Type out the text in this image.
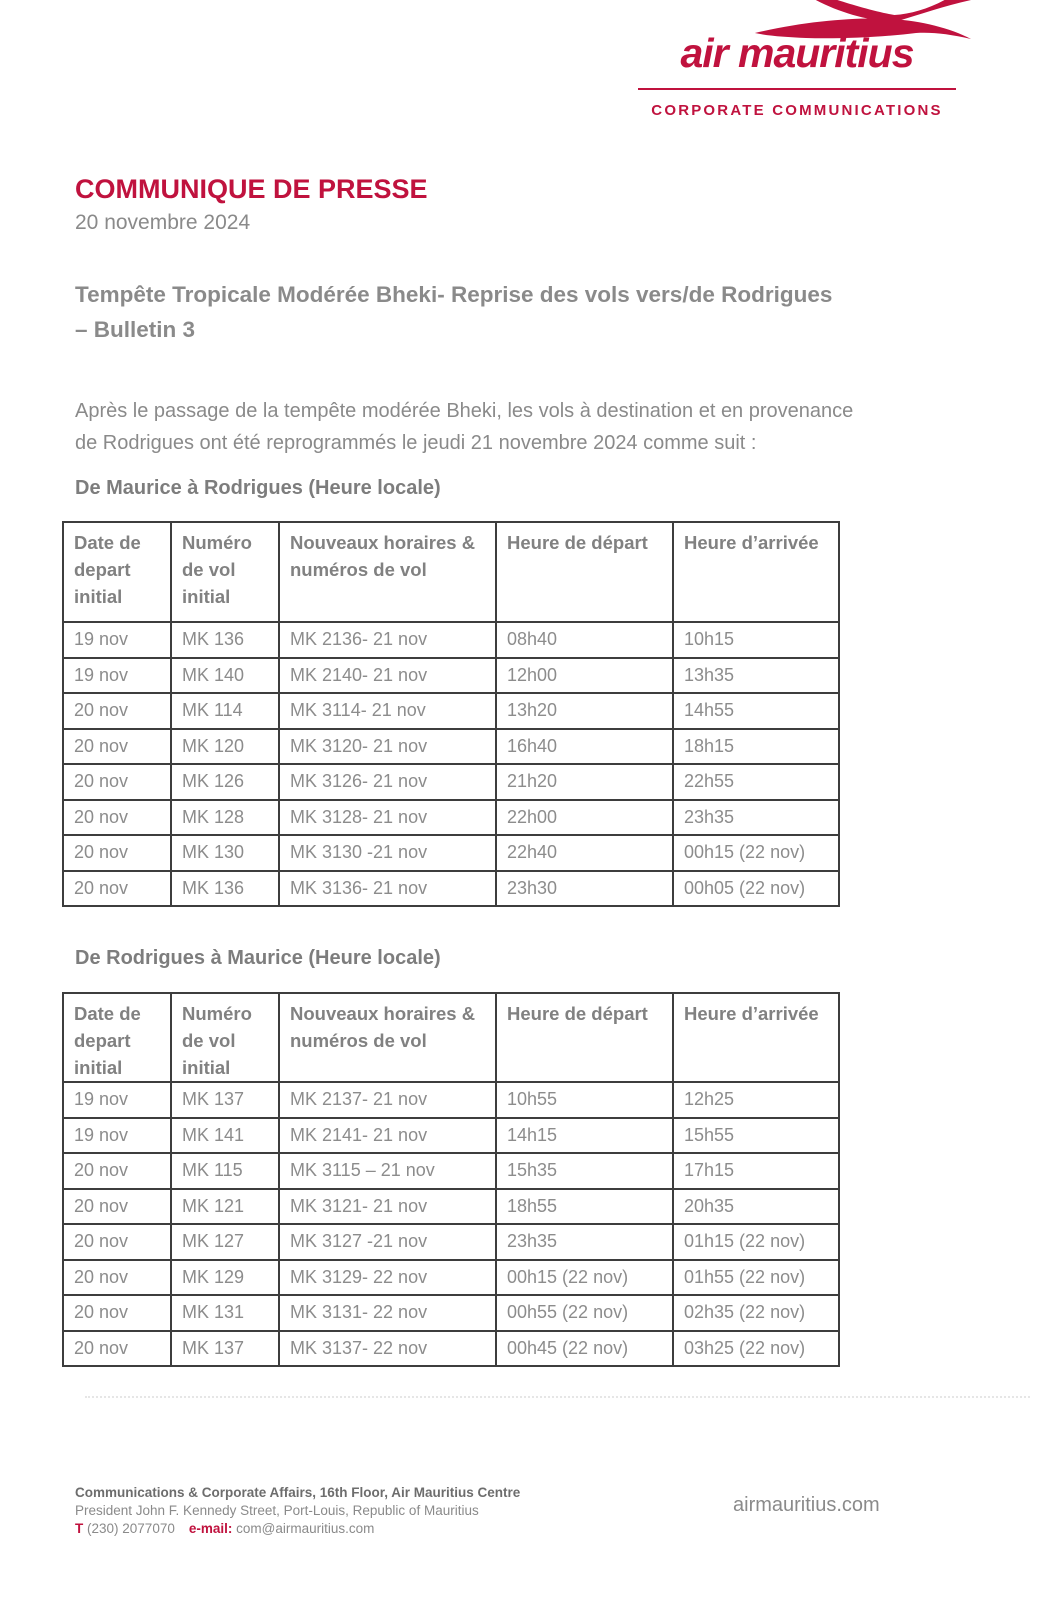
air mauritius
CORPORATE COMMUNICATIONS
COMMUNIQUE DE PRESSE
20 novembre 2024
Tempête Tropicale Modérée Bheki- Reprise des vols vers/de Rodrigues
– Bulletin 3
Après le passage de la tempête modérée Bheki, les vols à destination et en provenance
de Rodrigues ont été reprogrammés le jeudi 21 novembre 2024 comme suit :
De Maurice à Rodrigues (Heure locale)
Date de depart initial	Numéro de vol initial	Nouveaux horaires & numéros de vol	Heure de départ	Heure d’arrivée
19 nov	MK 136	MK 2136- 21 nov	08h40	10h15
19 nov	MK 140	MK 2140- 21 nov	12h00	13h35
20 nov	MK 114	MK 3114- 21 nov	13h20	14h55
20 nov	MK 120	MK 3120- 21 nov	16h40	18h15
20 nov	MK 126	MK 3126- 21 nov	21h20	22h55
20 nov	MK 128	MK 3128- 21 nov	22h00	23h35
20 nov	MK 130	MK 3130 -21 nov	22h40	00h15 (22 nov)
20 nov	MK 136	MK 3136- 21 nov	23h30	00h05 (22 nov)
De Rodrigues à Maurice (Heure locale)
Date de depart initial	Numéro de vol initial	Nouveaux horaires & numéros de vol	Heure de départ	Heure d’arrivée
19 nov	MK 137	MK 2137- 21 nov	10h55	12h25
19 nov	MK 141	MK 2141- 21 nov	14h15	15h55
20 nov	MK 115	MK 3115 – 21 nov	15h35	17h15
20 nov	MK 121	MK 3121- 21 nov	18h55	20h35
20 nov	MK 127	MK 3127 -21 nov	23h35	01h15 (22 nov)
20 nov	MK 129	MK 3129- 22 nov	00h15 (22 nov)	01h55 (22 nov)
20 nov	MK 131	MK 3131- 22 nov	00h55 (22 nov)	02h35 (22 nov)
20 nov	MK 137	MK 3137- 22 nov	00h45 (22 nov)	03h25 (22 nov)
Communications & Corporate Affairs, 16th Floor, Air Mauritius Centre
President John F. Kennedy Street, Port-Louis, Republic of Mauritius
T (230) 2077070 e-mail: com@airmauritius.com
airmauritius.com
